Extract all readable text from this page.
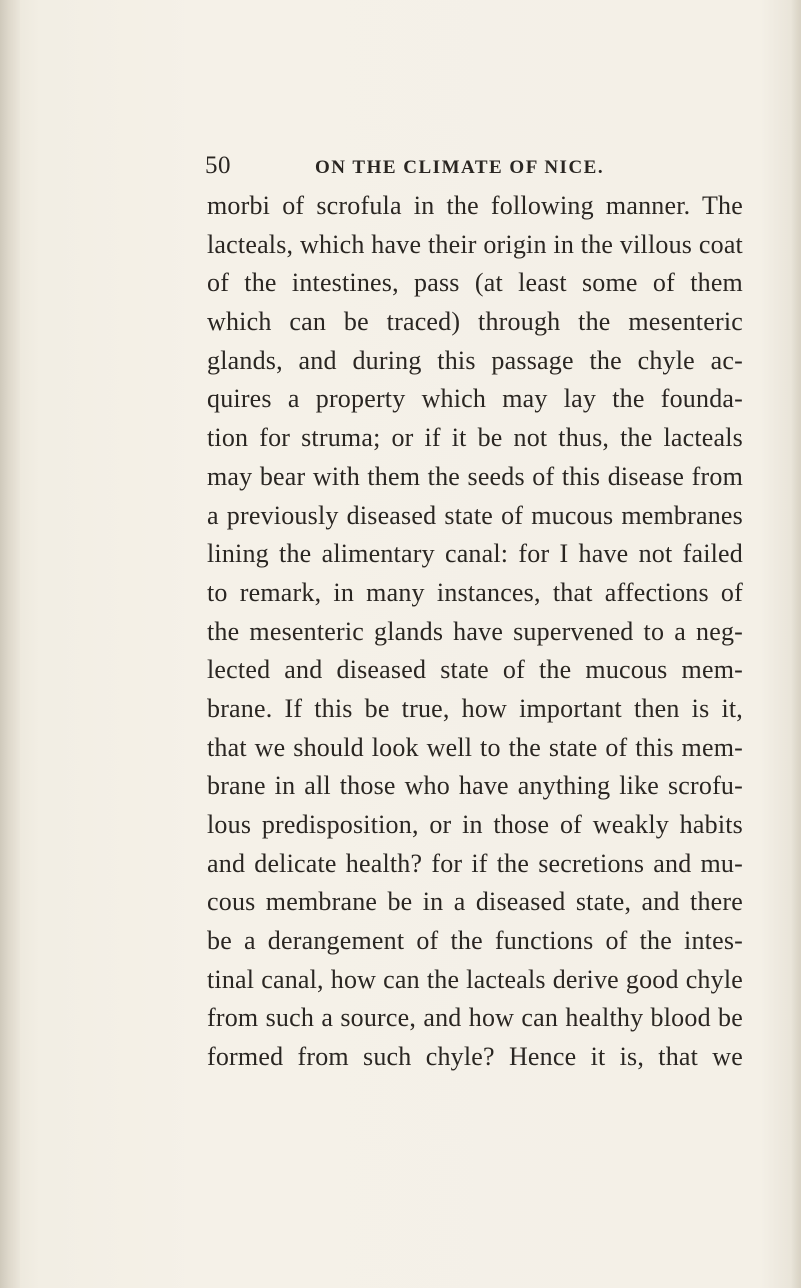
50	ON THE CLIMATE OF NICE.
morbi of scrofula in the following manner. The
lacteals, which have their origin in the villous coat
of the intestines, pass (at least some of them
which can be traced) through the mesenteric
glands, and during this passage the chyle ac-
quires a property which may lay the founda-
tion for struma; or if it be not thus, the lacteals
may bear with them the seeds of this disease from
a previously diseased state of mucous membranes
lining the alimentary canal: for I have not failed
to remark, in many instances, that affections of
the mesenteric glands have supervened to a neg-
lected and diseased state of the mucous mem-
brane. If this be true, how important then is it,
that we should look well to the state of this mem-
brane in all those who have anything like scrofu-
lous predisposition, or in those of weakly habits
and delicate health? for if the secretions and mu-
cous membrane be in a diseased state, and there
be a derangement of the functions of the intes-
tinal canal, how can the lacteals derive good chyle
from such a source, and how can healthy blood be
formed from such chyle? Hence it is, that we
